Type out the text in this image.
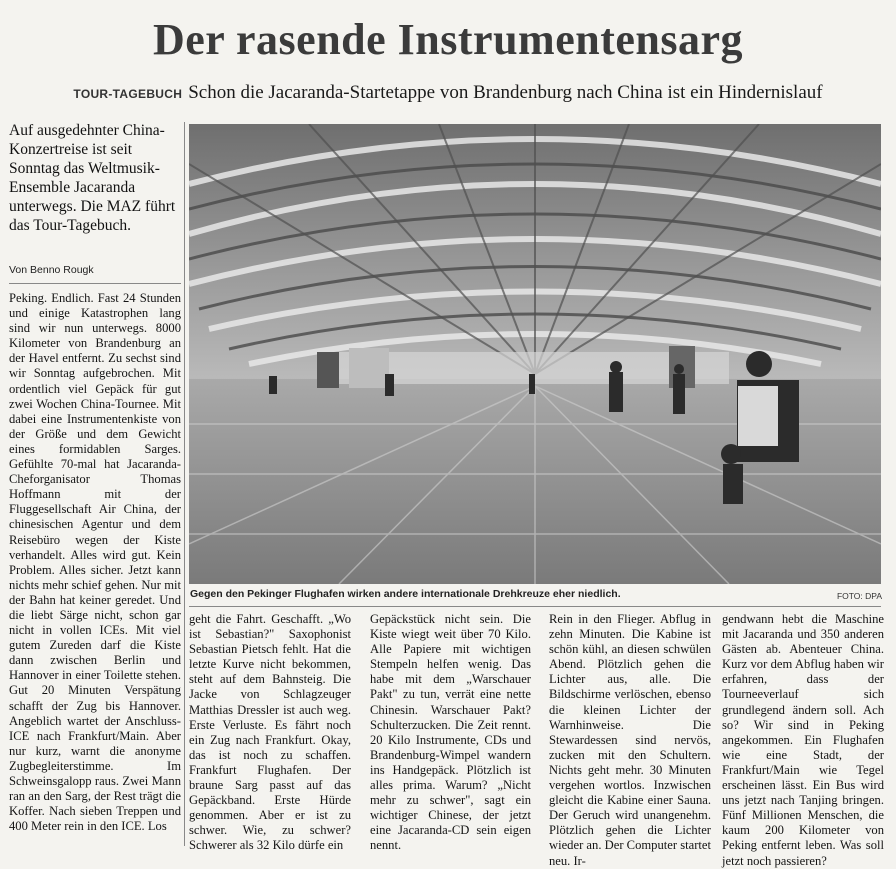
Der rasende Instrumentensarg
TOUR-TAGEBUCH Schon die Jacaranda-Startetappe von Brandenburg nach China ist ein Hindernislauf
Auf ausgedehnter China-Konzertreise ist seit Sonntag das Weltmusik-Ensemble Jacaranda unterwegs. Die MAZ führt das Tour-Tagebuch.
Von Benno Rougk

Peking. Endlich. Fast 24 Stunden und einige Katastrophen lang sind wir nun unterwegs. 8000 Kilometer von Brandenburg an der Havel entfernt. Zu sechst sind wir Sonntag aufgebrochen. Mit ordentlich viel Gepäck für gut zwei Wochen China-Tournee. Mit dabei eine Instrumentenkiste von der Größe und dem Gewicht eines formidablen Sarges. Gefühlte 70-mal hat Jacaranda-Cheforganisator Thomas Hoffmann mit der Fluggesellschaft Air China, der chinesischen Agentur und dem Reisebüro wegen der Kiste verhandelt. Alles wird gut. Kein Problem. Alles sicher. Jetzt kann nichts mehr schief gehen. Nur mit der Bahn hat keiner geredet. Und die liebt Särge nicht, schon gar nicht in vollen ICEs. Mit viel gutem Zureden darf die Kiste dann zwischen Berlin und Hannover in einer Toilette stehen. Gut 20 Minuten Verspätung schafft der Zug bis Hannover. Angeblich wartet der Anschluss-ICE nach Frankfurt/Main. Aber nur kurz, warnt die anonyme Zugbegleiterstimme. Im Schweinsgalopp raus. Zwei Mann ran an den Sarg, der Rest trägt die Koffer. Nach sieben Treppen und 400 Meter rein in den ICE. Los

Gegen den Pekinger Flughafen wirken andere internationale Drehkreuze eher niedlich.	FOTO: DPA

geht die Fahrt. Geschafft. „Wo ist Sebastian?" Saxophonist Sebastian Pietsch fehlt. Hat die letzte Kurve nicht bekommen, steht auf dem Bahnsteig. Die Jacke von Schlagzeuger Matthias Dressler ist auch weg. Erste Verluste. Es fährt noch ein Zug nach Frankfurt. Okay, das ist noch zu schaffen. Frankfurt Flughafen. Der braune Sarg passt auf das Gepäckband. Erste Hürde genommen. Aber er ist zu schwer. Wie, zu schwer? Schwerer als 32 Kilo dürfe ein

Gepäckstück nicht sein. Die Kiste wiegt weit über 70 Kilo. Alle Papiere mit wichtigen Stempeln helfen wenig. Das habe mit dem „Warschauer Pakt" zu tun, verrät eine nette Chinesin. Warschauer Pakt? Schulterzucken. Die Zeit rennt. 20 Kilo Instrumente, CDs und Brandenburg-Wimpel wandern ins Handgepäck. Plötzlich ist alles prima. Warum? „Nicht mehr zu schwer", sagt ein wichtiger Chinese, der jetzt eine Jacaranda-CD sein eigen nennt.

Rein in den Flieger. Abflug in zehn Minuten. Die Kabine ist schön kühl, an diesen schwülen Abend. Plötzlich gehen die Lichter aus, alle. Die Bildschirme verlöschen, ebenso die kleinen Lichter der Warnhinweise. Die Stewardessen sind nervös, zucken mit den Schultern. Nichts geht mehr. 30 Minuten vergehen wortlos. Inzwischen gleicht die Kabine einer Sauna. Der Geruch wird unangenehm. Plötzlich gehen die Lichter wieder an. Der Computer startet neu. Ir-

gendwann hebt die Maschine mit Jacaranda und 350 anderen Gästen ab. Abenteuer China. Kurz vor dem Abflug haben wir erfahren, dass der Tourneeverlauf sich grundlegend ändern soll. Ach so? Wir sind in Peking angekommen. Ein Flughafen wie eine Stadt, der Frankfurt/Main wie Tegel erscheinen lässt. Ein Bus wird uns jetzt nach Tanjing bringen. Fünf Millionen Menschen, die kaum 200 Kilometer von Peking entfernt leben. Was soll jetzt noch passieren?
